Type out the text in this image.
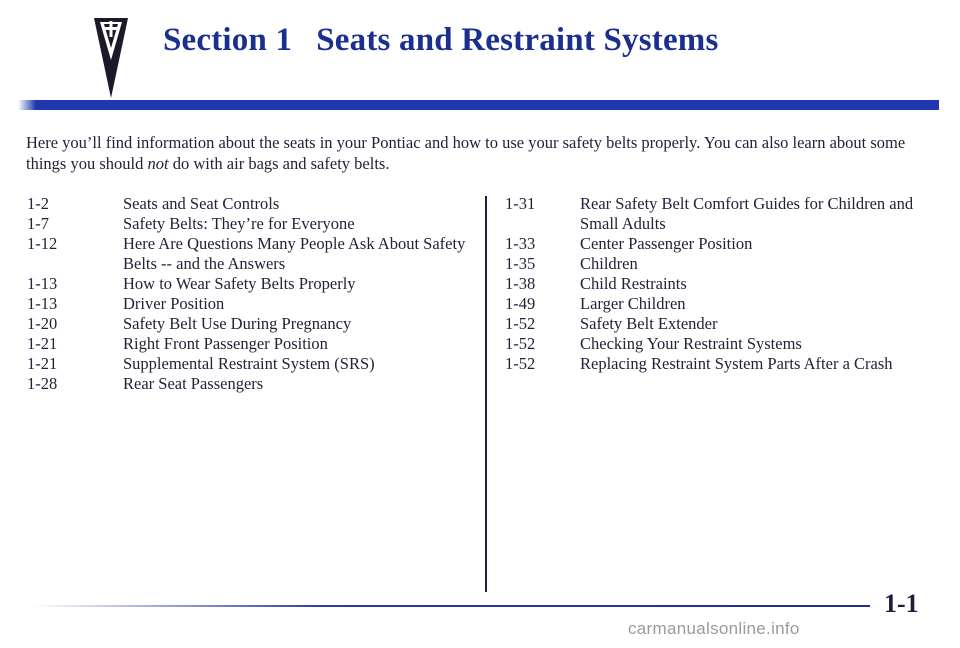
Section 1 Seats and Restraint Systems

Here you’ll find information about the seats in your Pontiac and how to use your safety belts properly. You can also learn about some things you should not do with air bags and safety belts.

1-2	Seats and Seat Controls
1-7	Safety Belts: They’re for Everyone
1-12	Here Are Questions Many People Ask About Safety Belts -- and the Answers
1-13	How to Wear Safety Belts Properly
1-13	Driver Position
1-20	Safety Belt Use During Pregnancy
1-21	Right Front Passenger Position
1-21	Supplemental Restraint System (SRS)
1-28	Rear Seat Passengers
1-31	Rear Safety Belt Comfort Guides for Children and Small Adults
1-33	Center Passenger Position
1-35	Children
1-38	Child Restraints
1-49	Larger Children
1-52	Safety Belt Extender
1-52	Checking Your Restraint Systems
1-52	Replacing Restraint System Parts After a Crash
1-1
carmanualsonline.info
